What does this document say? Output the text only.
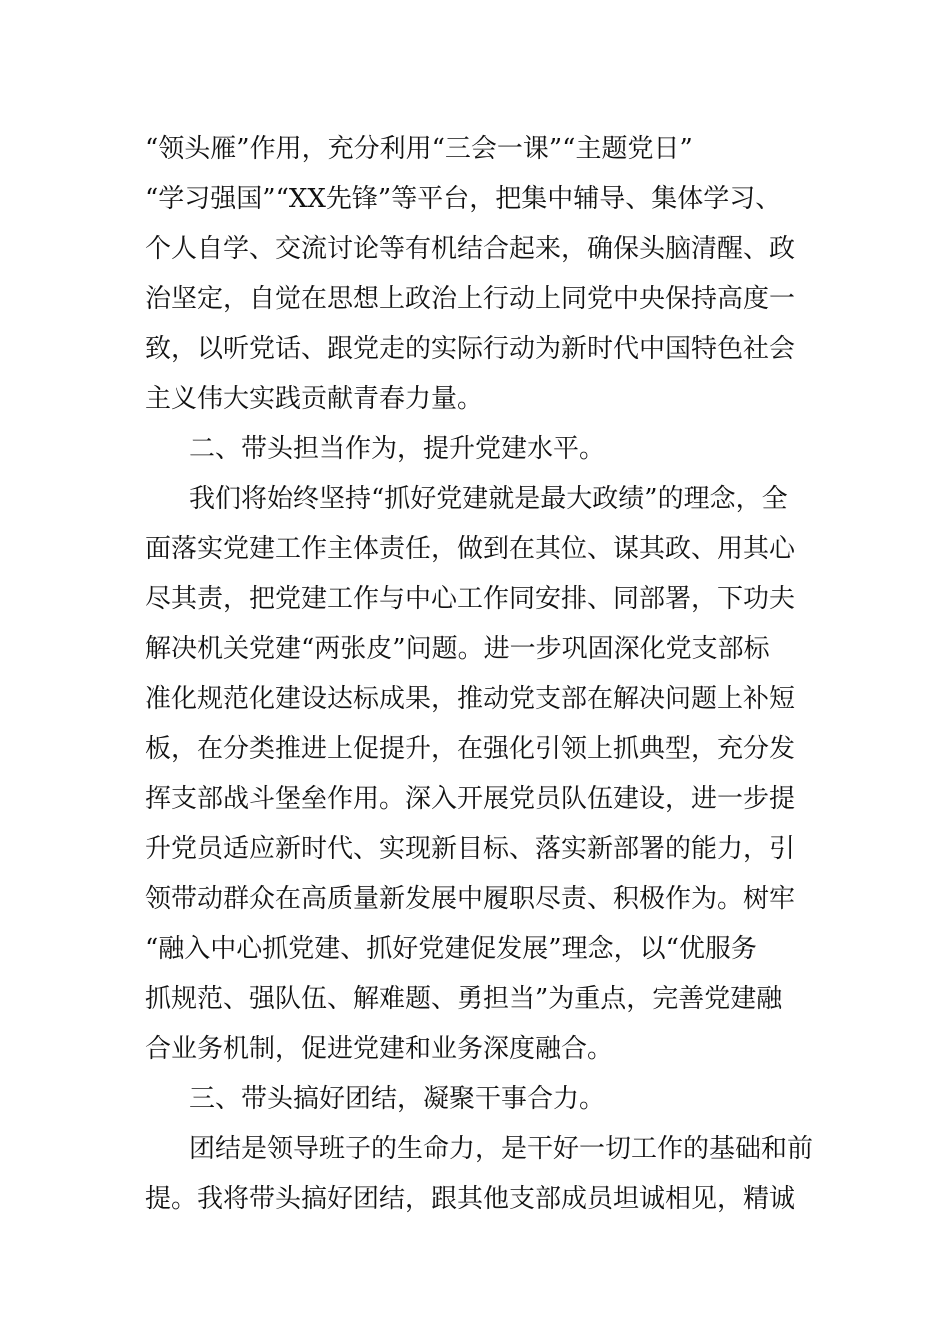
“领头雁”作用，充分利用“三会一课”“主题党日”
“学习强国”“XX先锋”等平台，把集中辅导、集体学习、
个人自学、交流讨论等有机结合起来，确保头脑清醒、政
治坚定，自觉在思想上政治上行动上同党中央保持高度一
致，以听党话、跟党走的实际行动为新时代中国特色社会
主义伟大实践贡献青春力量。
二、带头担当作为，提升党建水平。
我们将始终坚持“抓好党建就是最大政绩”的理念，全
面落实党建工作主体责任，做到在其位、谋其政、用其心
尽其责，把党建工作与中心工作同安排、同部署，下功夫
解决机关党建“两张皮”问题。进一步巩固深化党支部标
准化规范化建设达标成果，推动党支部在解决问题上补短
板，在分类推进上促提升，在强化引领上抓典型，充分发
挥支部战斗堡垒作用。深入开展党员队伍建设，进一步提
升党员适应新时代、实现新目标、落实新部署的能力，引
领带动群众在高质量新发展中履职尽责、积极作为。树牢
“融入中心抓党建、抓好党建促发展”理念，以“优服务
抓规范、强队伍、解难题、勇担当”为重点，完善党建融
合业务机制，促进党建和业务深度融合。
三、带头搞好团结，凝聚干事合力。
团结是领导班子的生命力，是干好一切工作的基础和前
提。我将带头搞好团结，跟其他支部成员坦诚相见，精诚
